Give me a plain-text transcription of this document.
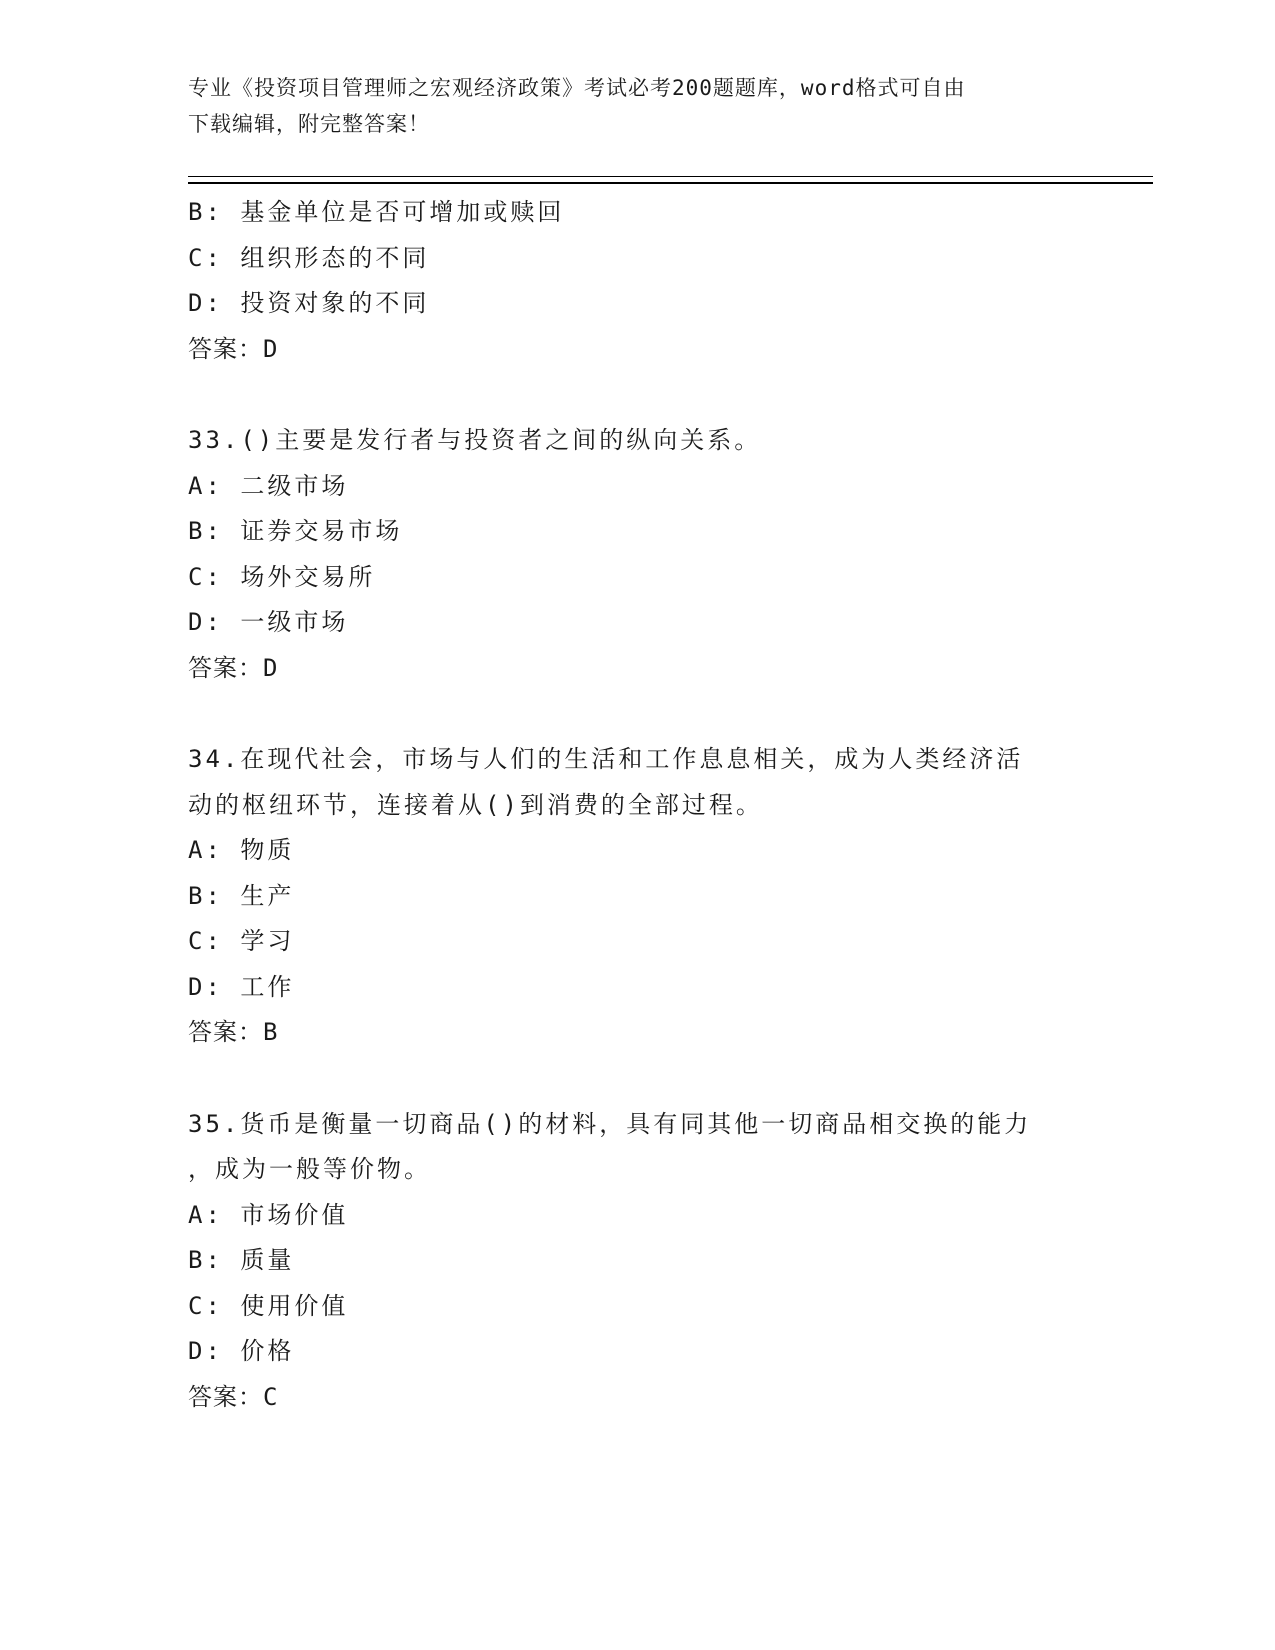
专业《投资项目管理师之宏观经济政策》考试必考200题题库，word格式可自由
下载编辑，附完整答案！
B: 基金单位是否可增加或赎回
C: 组织形态的不同
D: 投资对象的不同
答案：D
33.()主要是发行者与投资者之间的纵向关系。
A: 二级市场
B: 证券交易市场
C: 场外交易所
D: 一级市场
答案：D
34.在现代社会，市场与人们的生活和工作息息相关，成为人类经济活
动的枢纽环节，连接着从()到消费的全部过程。
A: 物质
B: 生产
C: 学习
D: 工作
答案：B
35.货币是衡量一切商品()的材料，具有同其他一切商品相交换的能力
，成为一般等价物。
A: 市场价值
B: 质量
C: 使用价值
D: 价格
答案：C
